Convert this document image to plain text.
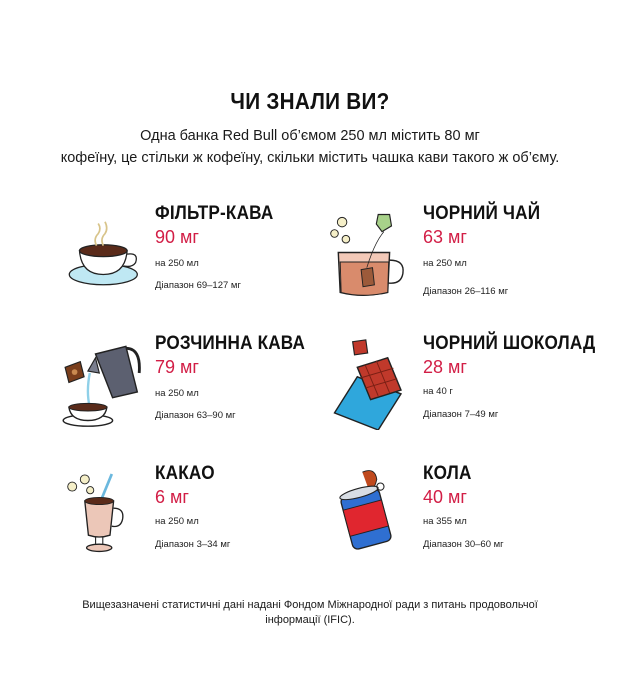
ЧИ ЗНАЛИ ВИ?
Одна банка Red Bull об’ємом 250 мл містить 80 мг
кофеїну, це стільки ж кофеїну, скільки містить чашка кави такого ж об’єму.
ФІЛЬТР-КАВА
90 мг
на 250 мл
Діапазон 69–127 мг
ЧОРНИЙ ЧАЙ
63 мг
на 250 мл
Діапазон 26–116 мг
РОЗЧИННА КАВА
79 мг
на 250 мл
Діапазон 63–90 мг
ЧОРНИЙ ШОКОЛАД
28 мг
на 40 г
Діапазон 7–49 мг
КАКАО
6 мг
на 250 мл
Діапазон 3–34 мг
КОЛА
40 мг
на 355 мл
Діапазон 30–60 мг
Вищезазначені статистичні дані надані Фондом Міжнародної ради з питань продовольчої
інформації (IFIC).
